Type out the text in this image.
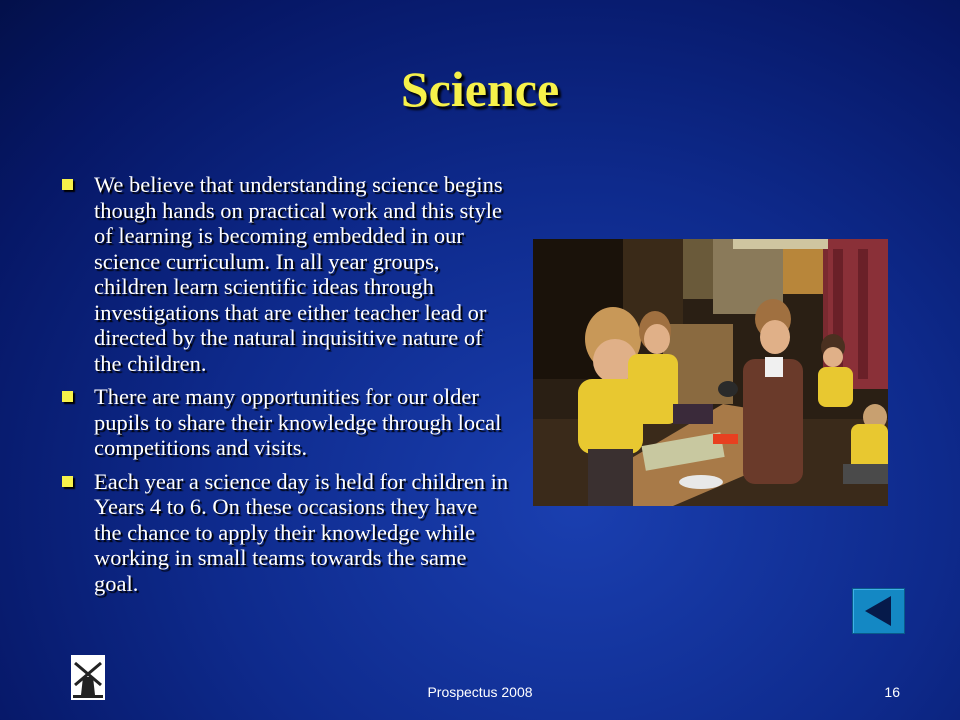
Science
We believe that understanding science begins though hands on practical work and this style of learning is becoming embedded in our science curriculum. In all year groups, children learn scientific ideas through investigations that are either teacher lead or directed by the natural inquisitive nature of the children.
There are many opportunities for our older pupils to share their knowledge through local competitions and visits.
Each year a science day is held for children in Years 4 to 6. On these occasions they have the chance to apply their knowledge while working in small teams towards the same goal.
Prospectus 2008	16
